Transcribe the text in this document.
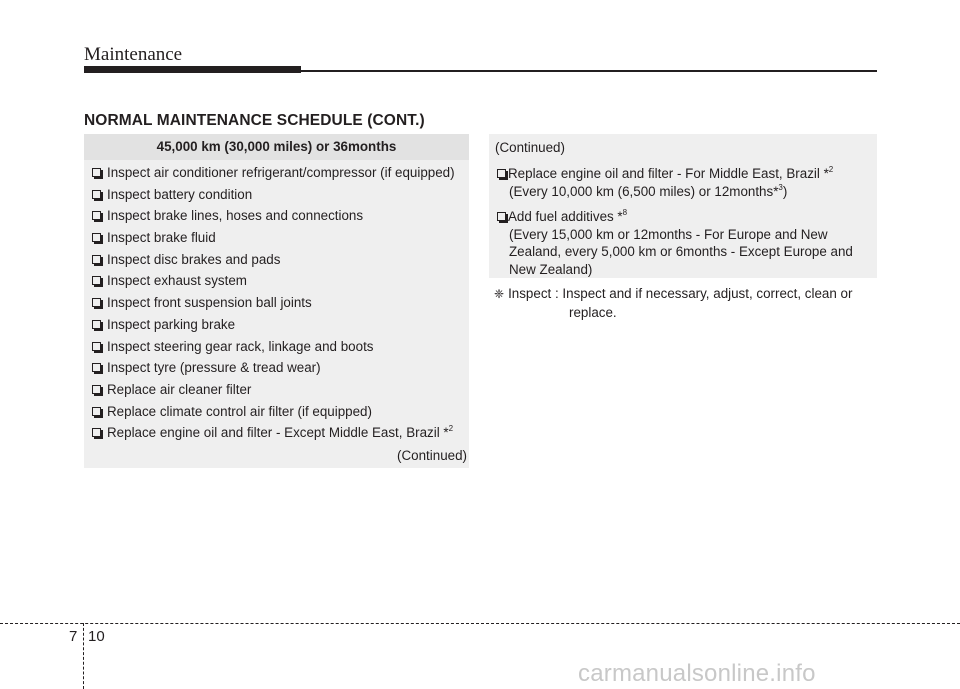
Maintenance
NORMAL MAINTENANCE SCHEDULE (CONT.)
45,000 km (30,000 miles) or 36months
Inspect air conditioner refrigerant/compressor (if equipped)
Inspect battery condition
Inspect brake lines, hoses and connections
Inspect brake fluid
Inspect disc brakes and pads
Inspect exhaust system
Inspect front suspension ball joints
Inspect parking brake
Inspect steering gear rack, linkage and boots
Inspect tyre (pressure & tread wear)
Replace air cleaner filter
Replace climate control air filter (if equipped)
Replace engine oil and filter - Except Middle East, Brazil *$^2$
(Continued)
(Continued)
Replace engine oil and filter - For Middle East, Brazil *$^2$
(Every 10,000 km (6,500 miles) or 12months*$^3$)
Add fuel additives *$^8$
(Every 15,000 km or 12months - For Europe and New
Zealand, every 5,000 km or 6months - Except Europe and
New Zealand)
❈ Inspect : Inspect and if necessary, adjust, correct, clean or
replace.
7 10
carmanualsonline.info
